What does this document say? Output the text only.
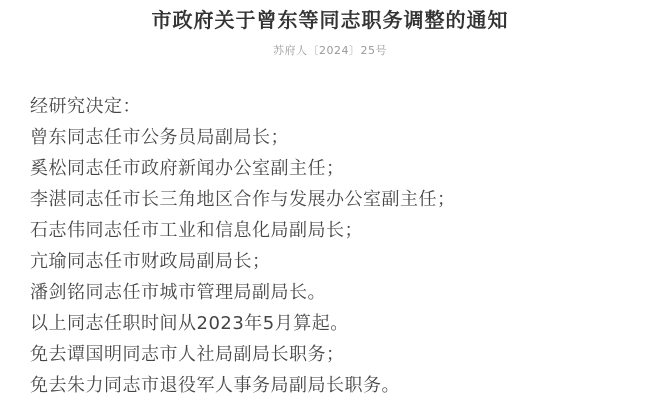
市政府关于曾东等同志职务调整的通知
苏府人〔2024〕25号

经研究决定：

曾东同志任市公务员局副局长；

奚松同志任市政府新闻办公室副主任；

李湛同志任市长三角地区合作与发展办公室副主任；

石志伟同志任市工业和信息化局副局长；

亢瑜同志任市财政局副局长；

潘剑铭同志任市城市管理局副局长。

以上同志任职时间从2023年5月算起。

免去谭国明同志市人社局副局长职务；

免去朱力同志市退役军人事务局副局长职务。
